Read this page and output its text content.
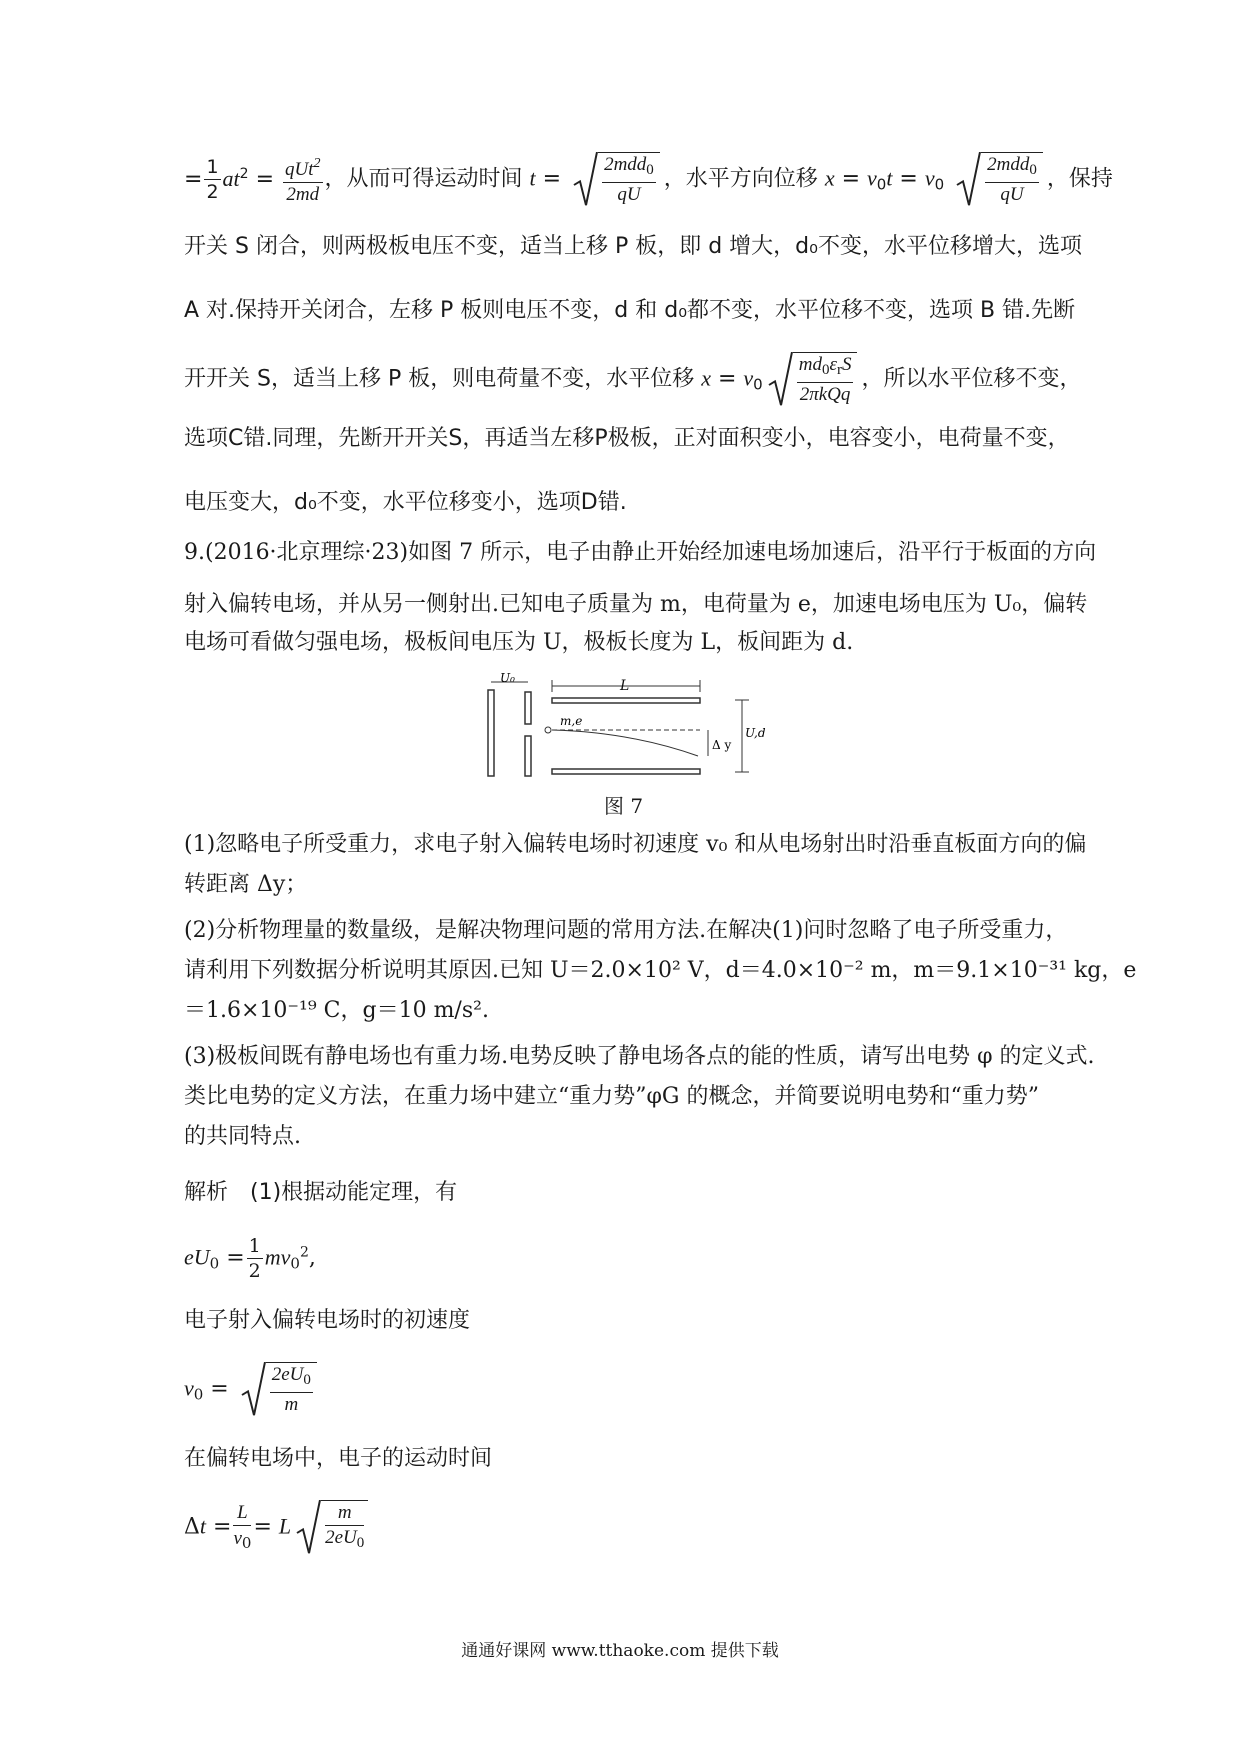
= $\frac{1}{2} at^2 = \frac{qUt^2}{2md}$ ，从而可得运动时间 $t = \frac{2mdd_0}{qU}$ ，水平方向位移 $x = v_0t = v_0 \frac{2mdd_0}{qU}$ ，保持
开关 S 闭合，则两极板电压不变，适当上移 P 板，即 d 增大，d₀不变，水平位移增大，选项
A 对.保持开关闭合，左移 P 板则电压不变，d 和 d₀都不变，水平位移不变，选项 B 错.先断
开开关 S，适当上移 P 板，则电荷量不变，水平位移 $x = v_0 \frac{md_0\varepsilon_rS}{\text{2πkQq}}$ ，所以水平位移不变，
选项C错.同理，先断开开关S，再适当左移P极板，正对面积变小，电容变小，电荷量不变，
电压变大，d₀不变，水平位移变小，选项D错.
9.(2016·北京理综·23)如图 7 所示，电子由静止开始经加速电场加速后，沿平行于板面的方向
射入偏转电场，并从另一侧射出.已知电子质量为 m，电荷量为 e，加速电场电压为 U₀，偏转
电场可看做匀强电场，极板间电压为 U，极板长度为 L，板间距为 d.
U₀	L
m,e
Δ y
U,d
图 7
(1)忽略电子所受重力，求电子射入偏转电场时初速度 v₀ 和从电场射出时沿垂直板面方向的偏
转距离 Δy；
(2)分析物理量的数量级，是解决物理问题的常用方法.在解决(1)问时忽略了电子所受重力，
请利用下列数据分析说明其原因.已知 U＝2.0×10² V，d＝4.0×10⁻² m，m＝9.1×10⁻³¹ kg，e
＝1.6×10⁻¹⁹ C，g＝10 m/s².
(3)极板间既有静电场也有重力场.电势反映了静电场各点的能的性质，请写出电势 φ 的定义式.
类比电势的定义方法，在重力场中建立“重力势”φG 的概念，并简要说明电势和“重力势”
的共同特点.
解析　(1)根据动能定理，有
$eU_0 = \frac{1}{2} mv_0^2$,
电子射入偏转电场时的初速度
$v_0 = \frac{2eU_0}{m}$
在偏转电场中，电子的运动时间
$\Delta t = \frac{L}{v_0} = L \frac{m}{2eU_0}$
通通好课网 www.tthaoke.com 提供下载
